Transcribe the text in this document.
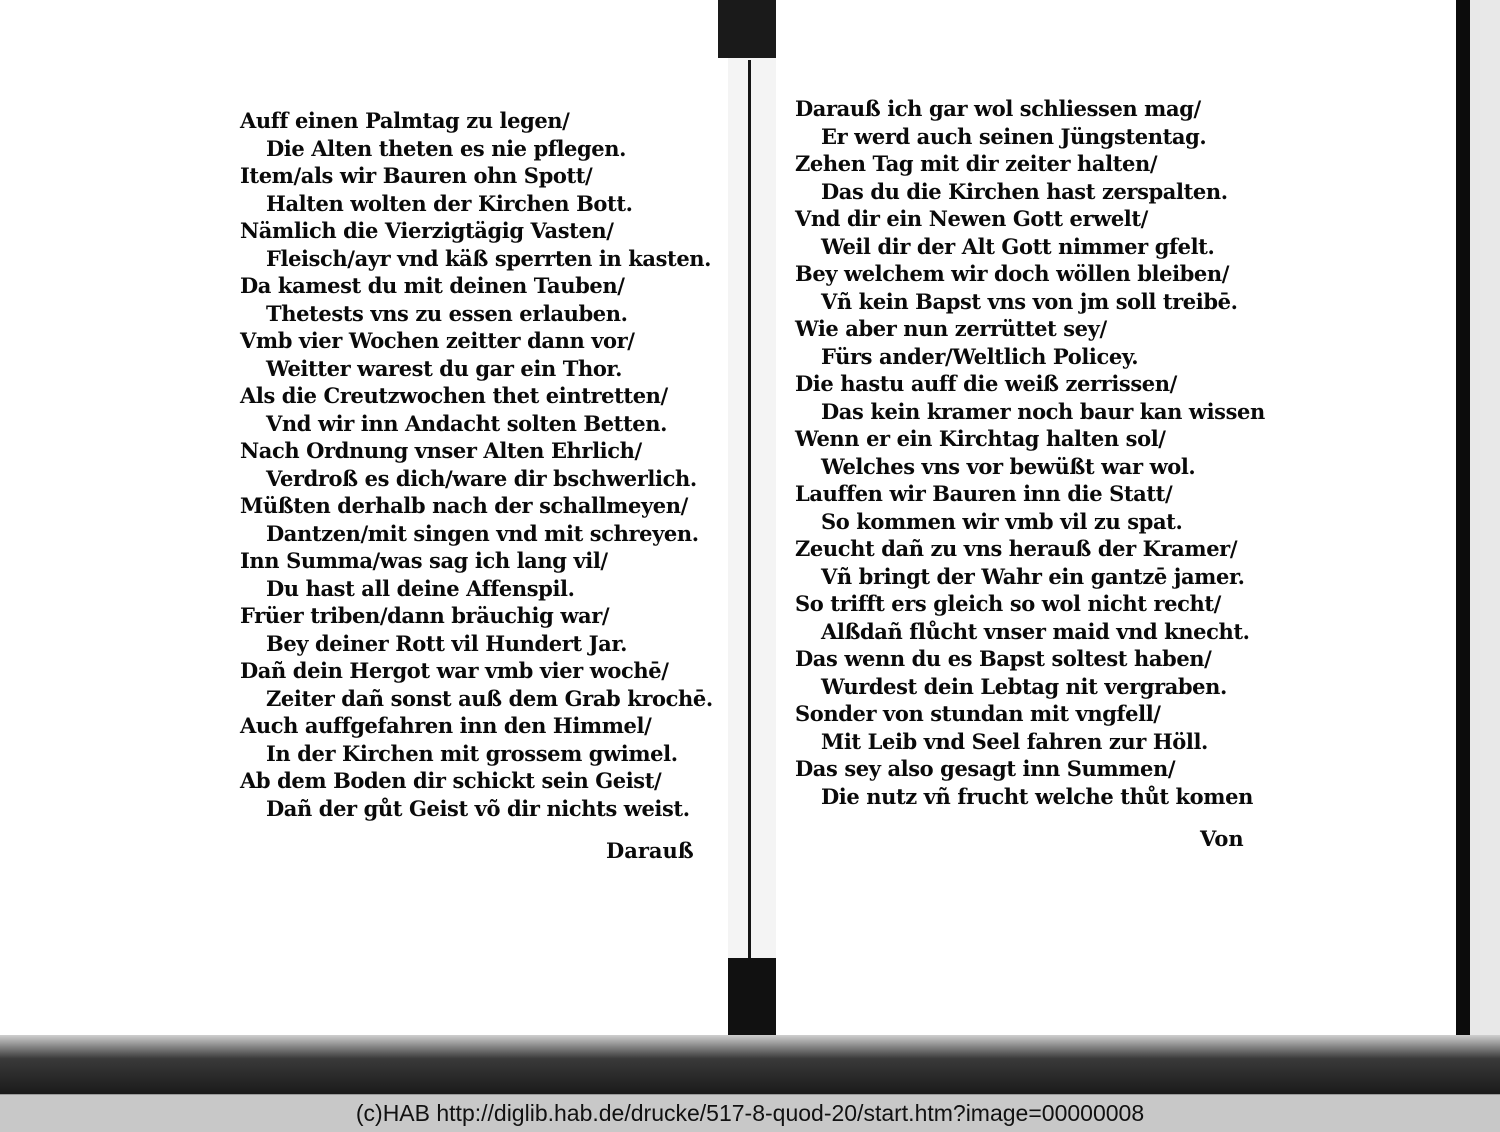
Auff einen Palmtag zu legen/
Die Alten theten es nie pflegen.
Item/als wir Bauren ohn Spott/
Halten wolten der Kirchen Bott.
Nämlich die Vierzigtägig Vasten/
Fleisch/ayr vnd käß sperrten in kasten.
Da kamest du mit deinen Tauben/
Thetests vns zu essen erlauben.
Vmb vier Wochen zeitter dann vor/
Weitter warest du gar ein Thor.
Als die Creutzwochen thet eintretten/
Vnd wir inn Andacht solten Betten.
Nach Ordnung vnser Alten Ehrlich/
Verdroß es dich/ware dir bschwerlich.
Müßten derhalb nach der schallmeyen/
Dantzen/mit singen vnd mit schreyen.
Inn Summa/was sag ich lang vil/
Du hast all deine Affenspil.
Früer triben/dann bräuchig war/
Bey deiner Rott vil Hundert Jar.
Dañ dein Hergot war vmb vier wochē/
Zeiter dañ sonst auß dem Grab krochē.
Auch auffgefahren inn den Himmel/
In der Kirchen mit grossem gwimel.
Ab dem Boden dir schickt sein Geist/
Dañ der gůt Geist võ dir nichts weist.
Darauß
Darauß ich gar wol schliessen mag/
Er werd auch seinen Jüngstentag.
Zehen Tag mit dir zeiter halten/
Das du die Kirchen hast zerspalten.
Vnd dir ein Newen Gott erwelt/
Weil dir der Alt Gott nimmer gfelt.
Bey welchem wir doch wöllen bleiben/
Vñ kein Bapst vns von jm soll treibē.
Wie aber nun zerrüttet sey/
Fürs ander/Weltlich Policey.
Die hastu auff die weiß zerrissen/
Das kein kramer noch baur kan wissen
Wenn er ein Kirchtag halten sol/
Welches vns vor bewüßt war wol.
Lauffen wir Bauren inn die Statt/
So kommen wir vmb vil zu spat.
Zeucht dañ zu vns herauß der Kramer/
Vñ bringt der Wahr ein gantzē jamer.
So trifft ers gleich so wol nicht recht/
Alßdañ flůcht vnser maid vnd knecht.
Das wenn du es Bapst soltest haben/
Wurdest dein Lebtag nit vergraben.
Sonder von stundan mit vngfell/
Mit Leib vnd Seel fahren zur Höll.
Das sey also gesagt inn Summen/
Die nutz vñ frucht welche thůt komen
Von
(c)HAB http://diglib.hab.de/drucke/517-8-quod-20/start.htm?image=00000008
